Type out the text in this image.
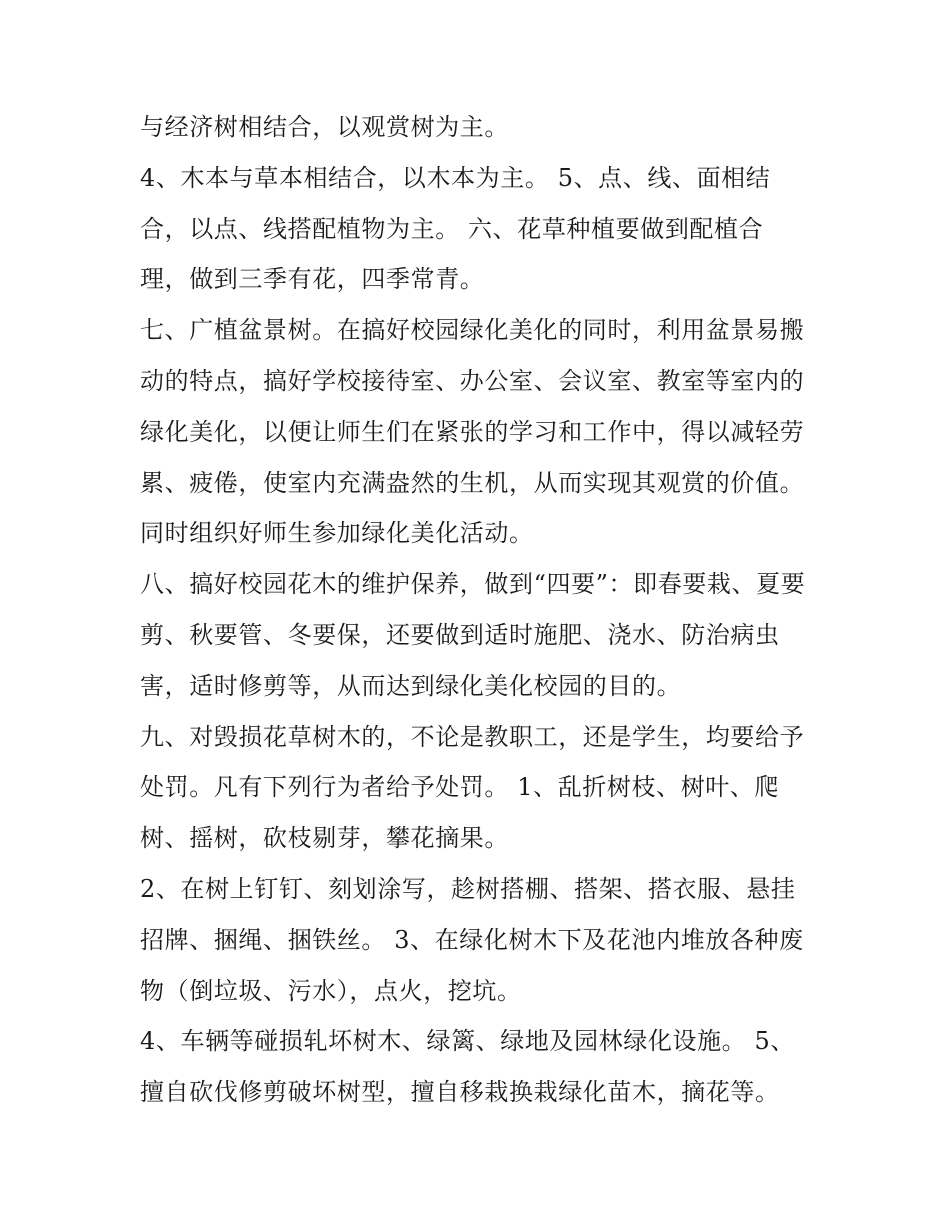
与经济树相结合，以观赏树为主。
4、木本与草本相结合，以木本为主。 5、点、线、面相结
合，以点、线搭配植物为主。 六、花草种植要做到配植合
理，做到三季有花，四季常青。
七、广植盆景树。在搞好校园绿化美化的同时，利用盆景易搬
动的特点，搞好学校接待室、办公室、会议室、教室等室内的
绿化美化，以便让师生们在紧张的学习和工作中，得以减轻劳
累、疲倦，使室内充满盎然的生机，从而实现其观赏的价值。
同时组织好师生参加绿化美化活动。
八、搞好校园花木的维护保养，做到“四要”：即春要栽、夏要
剪、秋要管、冬要保，还要做到适时施肥、浇水、防治病虫
害，适时修剪等，从而达到绿化美化校园的目的。
九、对毁损花草树木的，不论是教职工，还是学生，均要给予
处罚。凡有下列行为者给予处罚。 1、乱折树枝、树叶、爬
树、摇树，砍枝剔芽，攀花摘果。
2、在树上钉钉、刻划涂写，趁树搭棚、搭架、搭衣服、悬挂
招牌、捆绳、捆铁丝。 3、在绿化树木下及花池内堆放各种废
物（倒垃圾、污水），点火，挖坑。
4、车辆等碰损轧坏树木、绿篱、绿地及园林绿化设施。 5、
擅自砍伐修剪破坏树型，擅自移栽换栽绿化苗木，摘花等。
